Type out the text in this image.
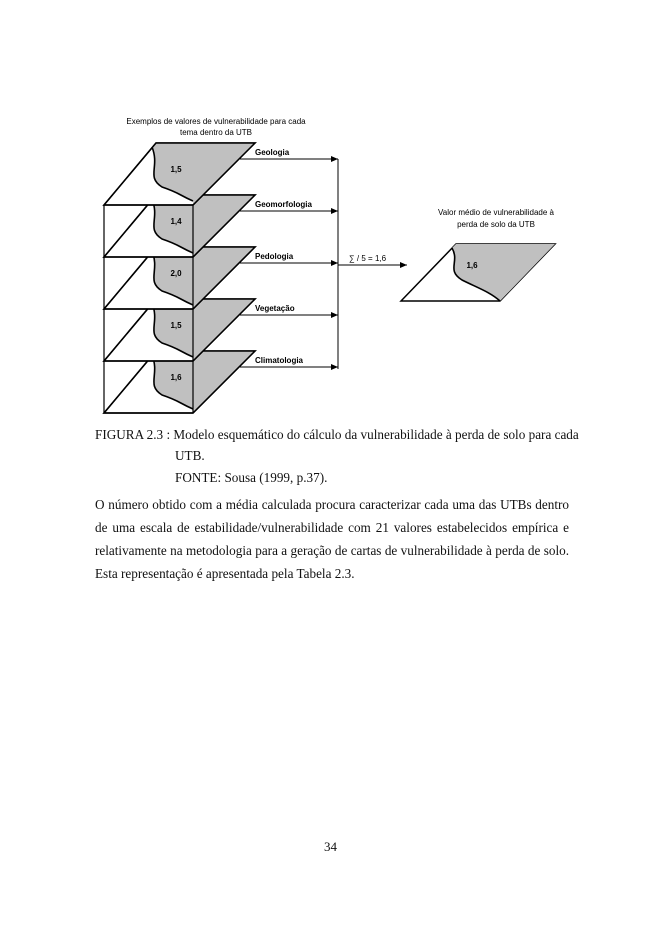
Exemplos de valores de vulnerabilidade para cada
tema dentro da UTB
1,6
Climatologia
1,5
Vegetação
2,0
Pedologia
1,4
Geomorfologia
1,5
Geologia
∑ / 5 = 1,6
Valor médio de vulnerabilidade à
perda de solo da UTB
1,6
FIGURA 2.3 : Modelo esquemático do cálculo da vulnerabilidade à perda de solo para cada
UTB.
FONTE: Sousa (1999, p.37).
O número obtido com a média calculada procura caracterizar cada uma das UTBs dentro
de uma escala de estabilidade/vulnerabilidade com 21 valores estabelecidos empírica e
relativamente na metodologia para a geração de cartas de vulnerabilidade à perda de solo.
Esta representação é apresentada pela Tabela 2.3.
34
